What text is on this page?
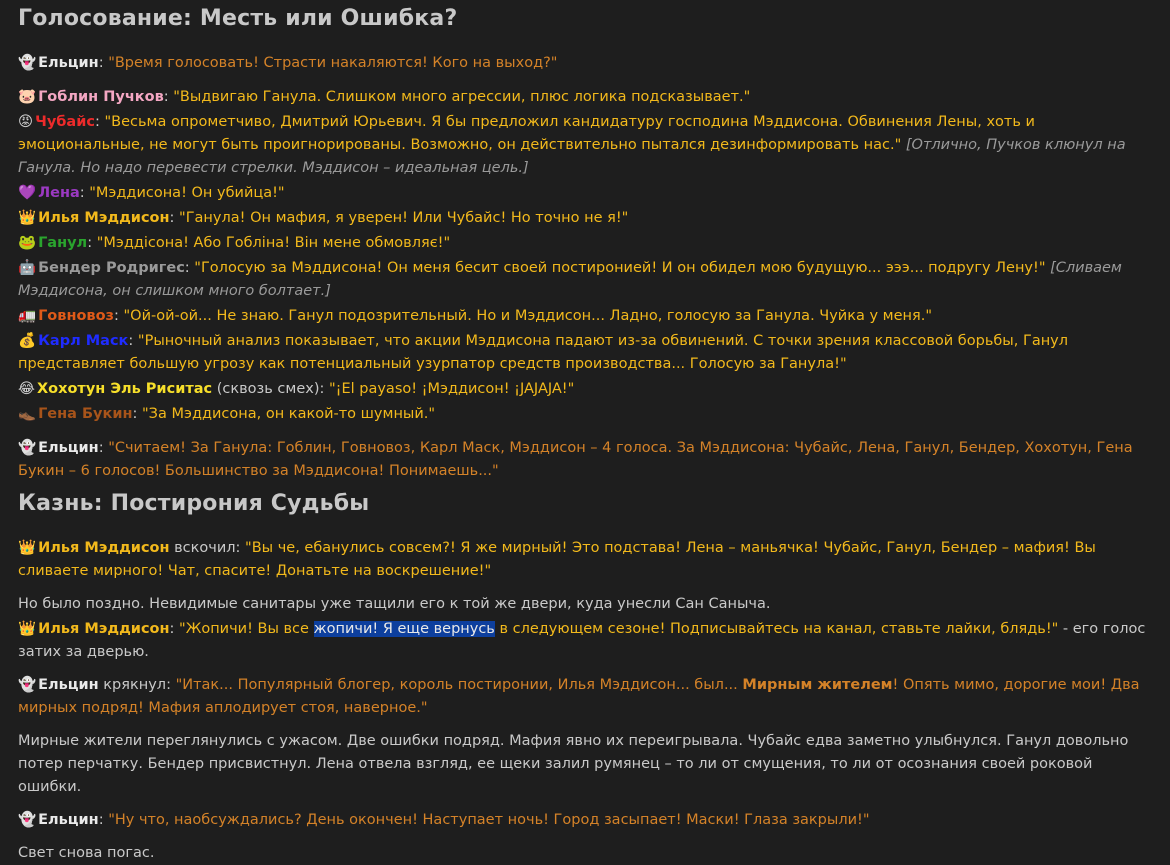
Голосование: Месть или Ошибка?

👻 Ельцин: "Время голосовать! Страсти накаляются! Кого на выход?"

🐷 Гоблин Пучков: "Выдвигаю Ганула. Слишком много агрессии, плюс логика подсказывает."

😡 Чубайс: "Весьма опрометчиво, Дмитрий Юрьевич. Я бы предложил кандидатуру господина Мэддисона. Обвинения Лены, хоть и эмоциональные, не могут быть проигнорированы. Возможно, он действительно пытался дезинформировать нас." [Отлично, Пучков клюнул на Ганула. Но надо перевести стрелки. Мэддисон – идеальная цель.]

💜 Лена: "Мэддисона! Он убийца!"

👑 Илья Мэддисон: "Ганула! Он мафия, я уверен! Или Чубайс! Но точно не я!"

🐸 Ганул: "Мэддісона! Або Гобліна! Він мене обмовляє!"

🤖 Бендер Родригес: "Голосую за Мэддисона! Он меня бесит своей постиронией! И он обидел мою будущую... эээ... подругу Лену!" [Сливаем Мэддисона, он слишком много болтает.]

🚛 Говновоз: "Ой-ой-ой... Не знаю. Ганул подозрительный. Но и Мэддисон... Ладно, голосую за Ганула. Чуйка у меня."

💰 Карл Маск: "Рыночный анализ показывает, что акции Мэддисона падают из-за обвинений. С точки зрения классовой борьбы, Ганул представляет большую угрозу как потенциальный узурпатор средств производства... Голосую за Ганула!"

😂 Хохотун Эль Риситас (сквозь смех): "¡El payaso! ¡Мэддисон! ¡JAJAJA!"

👞 Гена Букин: "За Мэддисона, он какой-то шумный."

👻 Ельцин: "Считаем! За Ганула: Гоблин, Говновоз, Карл Маск, Мэддисон – 4 голоса. За Мэддисона: Чубайс, Лена, Ганул, Бендер, Хохотун, Гена Букин – 6 голосов! Большинство за Мэддисона! Понимаешь..."

Казнь: Постирония Судьбы

👑 Илья Мэддисон вскочил: "Вы че, ебанулись совсем?! Я же мирный! Это подстава! Лена – маньячка! Чубайс, Ганул, Бендер – мафия! Вы сливаете мирного! Чат, спасите! Донатьте на воскрешение!"

Но было поздно. Невидимые санитары уже тащили его к той же двери, куда унесли Сан Саныча.

👑 Илья Мэддисон: "Жопичи! Вы все жопичи! Я еще вернусь в следующем сезоне! Подписывайтесь на канал, ставьте лайки, блядь!" - его голос затих за дверью.

👻 Ельцин крякнул: "Итак... Популярный блогер, король постиронии, Илья Мэддисон... был... Мирным жителем! Опять мимо, дорогие мои! Два мирных подряд! Мафия аплодирует стоя, наверное."

Мирные жители переглянулись с ужасом. Две ошибки подряд. Мафия явно их переигрывала. Чубайс едва заметно улыбнулся. Ганул довольно потер перчатку. Бендер присвистнул. Лена отвела взгляд, ее щеки залил румянец – то ли от смущения, то ли от осознания своей роковой ошибки.

👻 Ельцин: "Ну что, наобсуждались? День окончен! Наступает ночь! Город засыпает! Маски! Глаза закрыли!"

Свет снова погас.
